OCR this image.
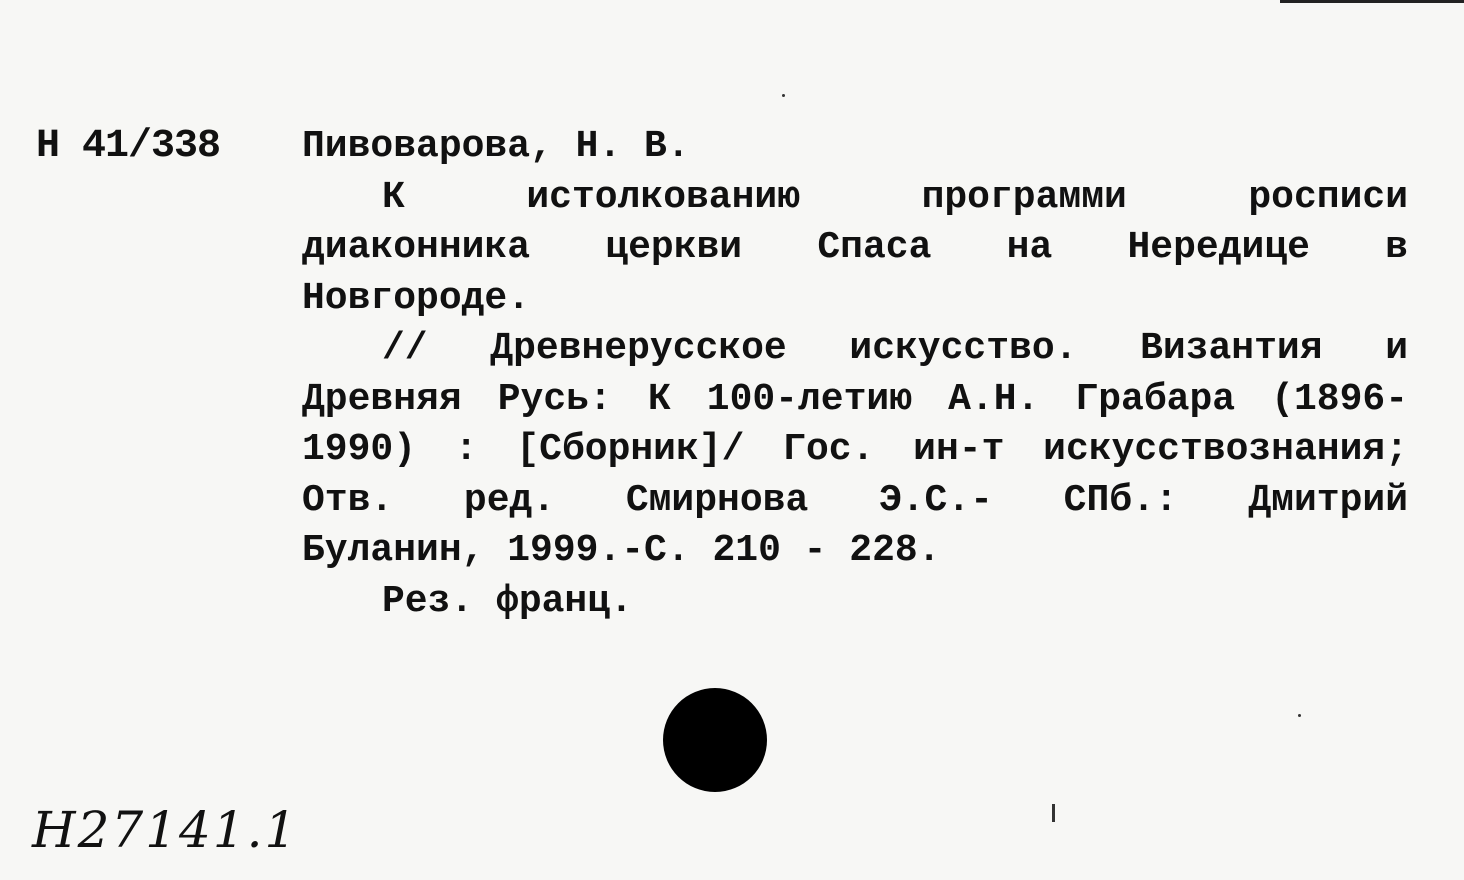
Н 41/338 Пивоварова, Н. В.
К истолкованию программи росписи
диаконника церкви Спаса на Нередице в
Новгороде.
// Древнерусское искусство. Византия и
Древняя Русь: К 100-летию А.Н. Грабара (1896-
1990) : [Сборник]/ Гос. ин-т искусствознания;
Отв. ред. Смирнова Э.С.- СПб.: Дмитрий
Буланин, 1999.-С. 210 - 228.
Рез. франц.
Н27141.1
